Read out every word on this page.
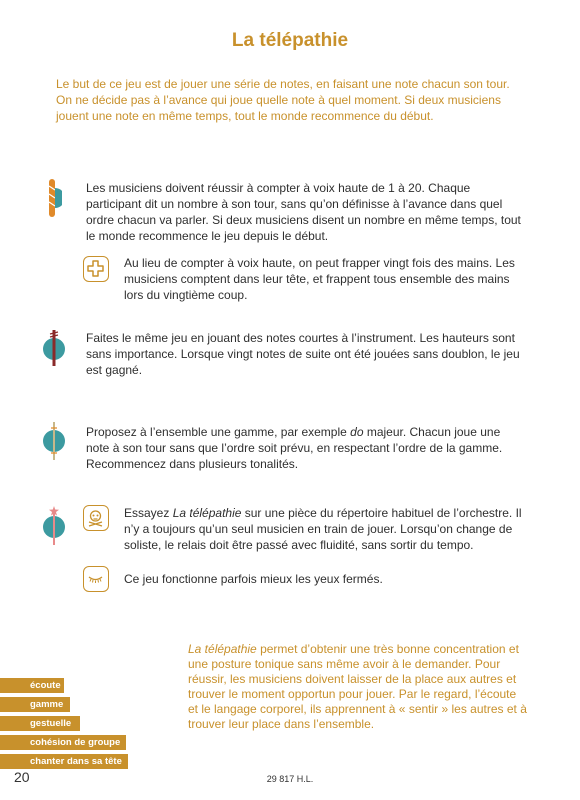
La télépathie
Le but de ce jeu est de jouer une série de notes, en faisant une note chacun son tour. On ne décide pas à l’avance qui joue quelle note à quel moment. Si deux musiciens jouent une note en même temps, tout le monde recommence du début.
Les musiciens doivent réussir à compter à voix haute de 1 à 20. Chaque participant dit un nombre à son tour, sans qu’on définisse à l’avance dans quel ordre chacun va parler. Si deux musiciens disent un nombre en même temps, tout le monde recommence le jeu depuis le début.
Au lieu de compter à voix haute, on peut frapper vingt fois des mains. Les musiciens comptent dans leur tête, et frappent tous ensemble des mains lors du vingtième coup.
Faites le même jeu en jouant des notes courtes à l’instrument. Les hauteurs sont sans importance. Lorsque vingt notes de suite ont été jouées sans doublon, le jeu est gagné.
Proposez à l’ensemble une gamme, par exemple do majeur. Chacun joue une note à son tour sans que l’ordre soit prévu, en respectant l’ordre de la gamme. Recommencez dans plusieurs tonalités.
Essayez La télépathie sur une pièce du répertoire habituel de l’orchestre. Il n’y a toujours qu’un seul musicien en train de jouer. Lorsqu’on change de soliste, le relais doit être passé avec fluidité, sans sortir du tempo.
Ce jeu fonctionne parfois mieux les yeux fermés.
La télépathie permet d’obtenir une très bonne concentration et une posture tonique sans même avoir à le demander. Pour réussir, les musiciens doivent laisser de la place aux autres et trouver le moment opportun pour jouer. Par le regard, l’écoute et le langage corporel, ils apprennent à « sentir » les autres et à trouver leur place dans l’ensemble.
écoute
gamme
gestuelle
cohésion de groupe
chanter dans sa tête
20	29 817 H.L.
